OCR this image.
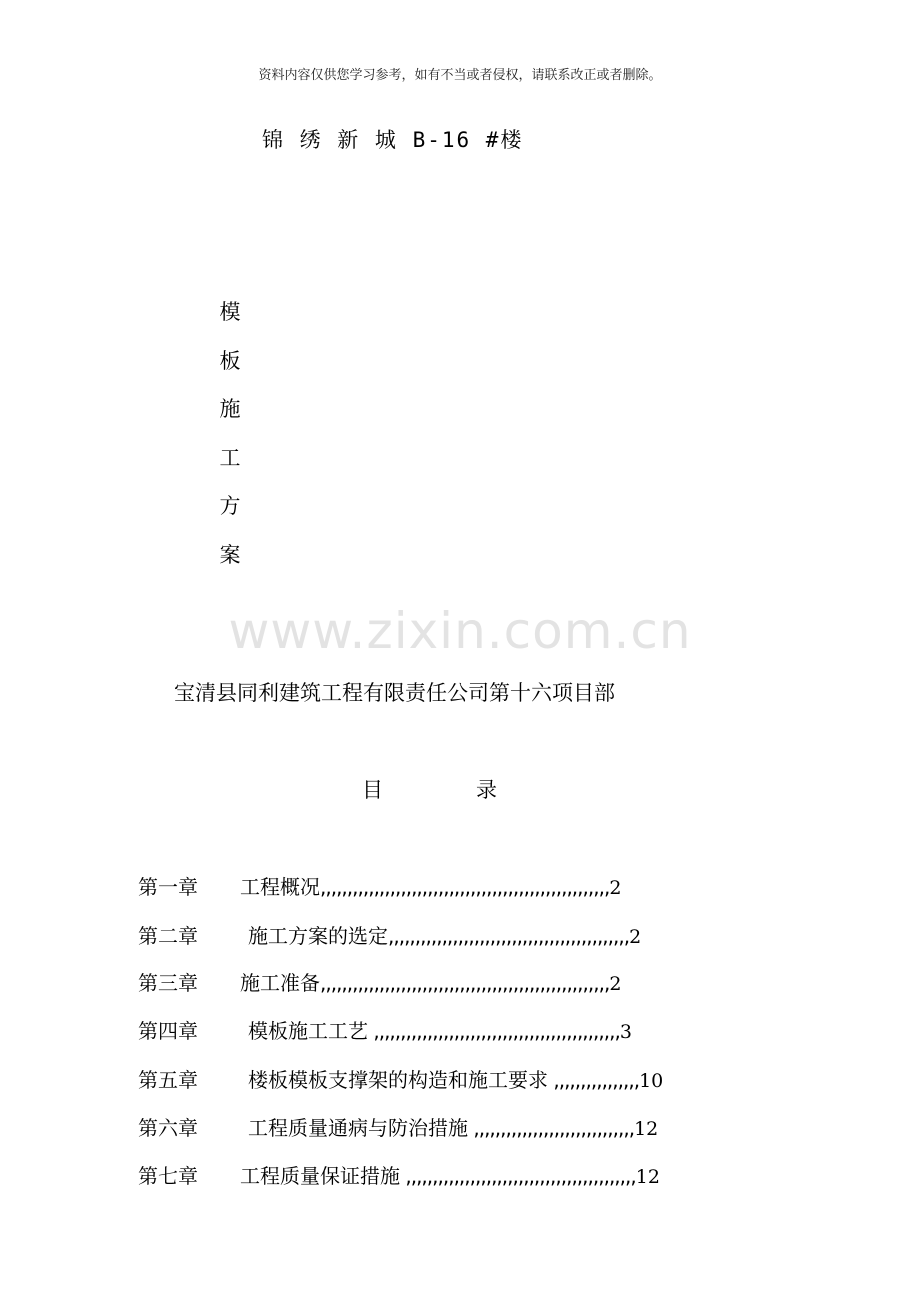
资料内容仅供您学习参考，如有不当或者侵权，请联系改正或者删除。
锦 绣 新 城 B-16 #楼
模
板
施
工
方
案
www.zixin.com.cn
宝清县同利建筑工程有限责任公司第十六项目部
目	录
第一章 工程概况,,,,,,,,,,,,,,,,,,,,,,,,,,,,,,,,,,,,,,,,,,,,,,,,,,,,,,2
第二章	施工方案的选定,,,,,,,,,,,,,,,,,,,,,,,,,,,,,,,,,,,,,,,,,,,,,2
第三章 施工准备,,,,,,,,,,,,,,,,,,,,,,,,,,,,,,,,,,,,,,,,,,,,,,,,,,,,,,2
第四章	模板施工工艺 ,,,,,,,,,,,,,,,,,,,,,,,,,,,,,,,,,,,,,,,,,,,,,,3
第五章	楼板模板支撑架的构造和施工要求 ,,,,,,,,,,,,,,,,10
第六章	工程质量通病与防治措施 ,,,,,,,,,,,,,,,,,,,,,,,,,,,,,,12
第七章 工程质量保证措施 ,,,,,,,,,,,,,,,,,,,,,,,,,,,,,,,,,,,,,,,,,,,12
